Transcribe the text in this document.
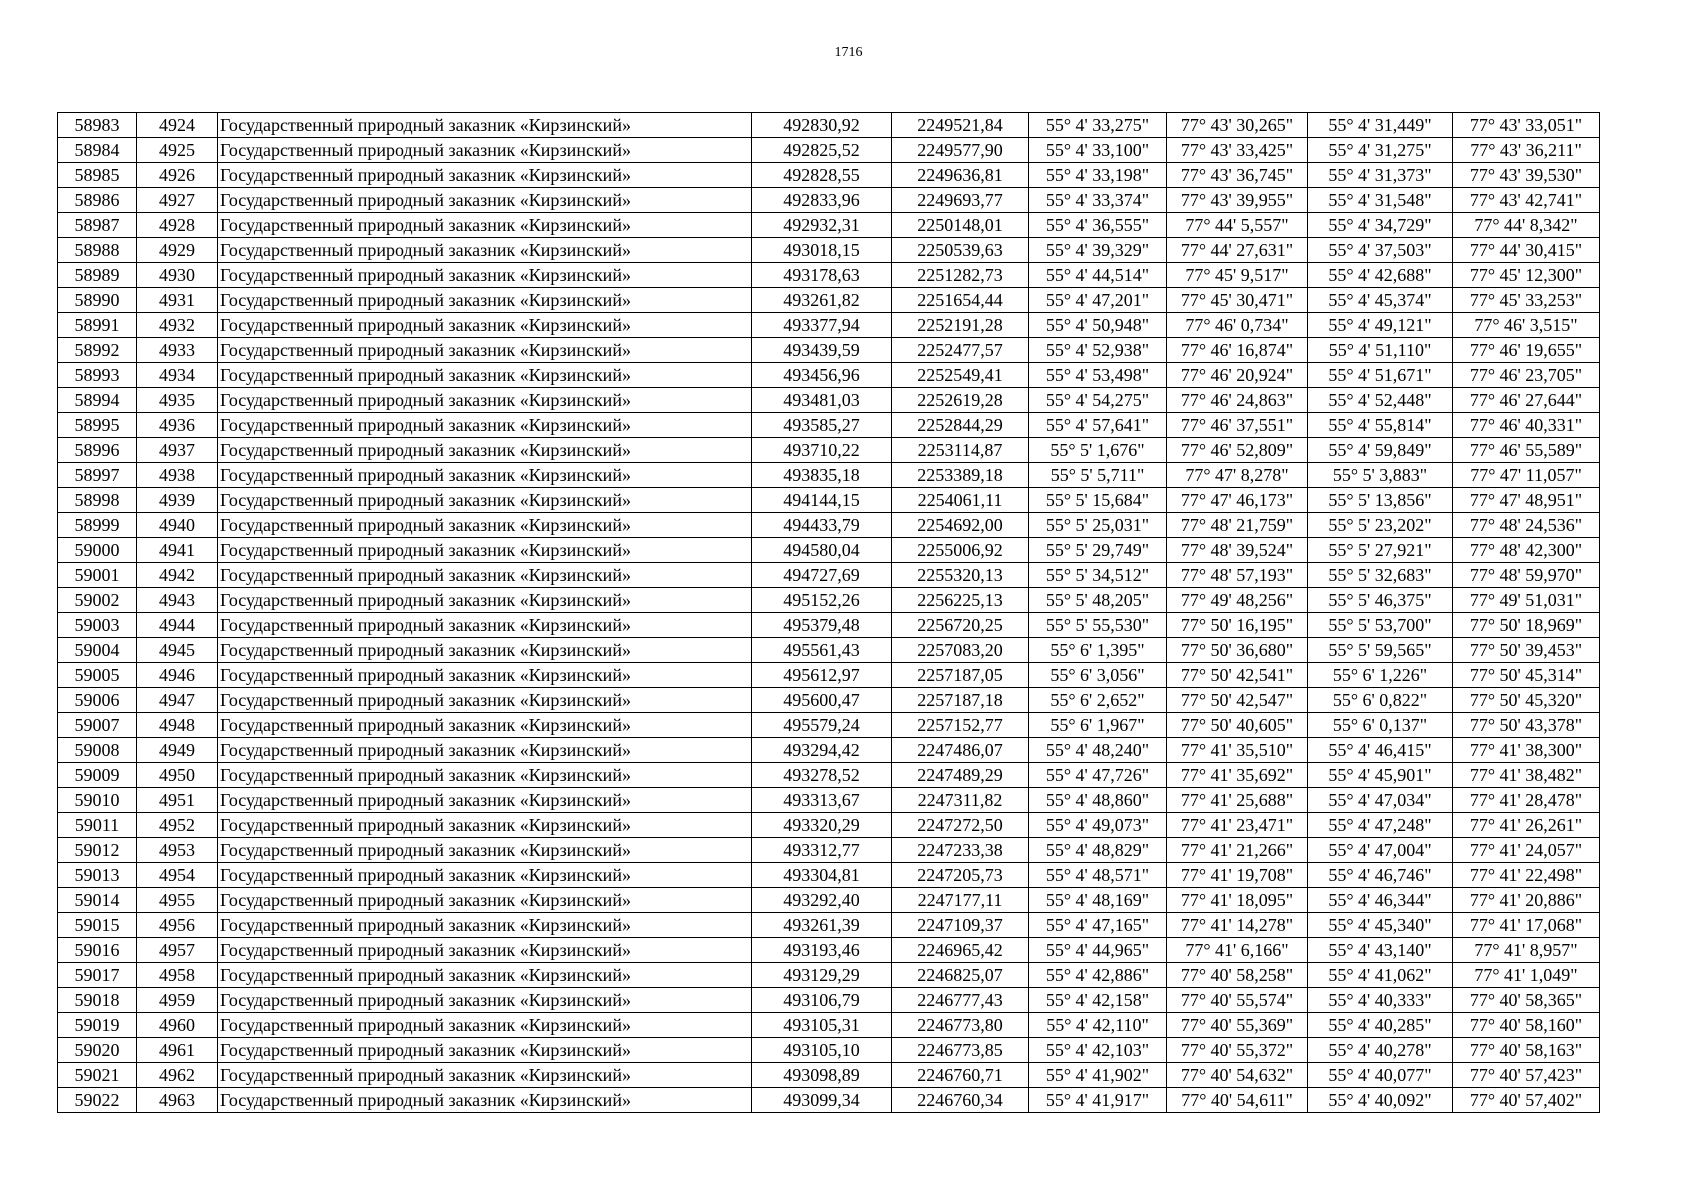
1716
58983	4924	Государственный природный заказник «Кирзинский»	492830,92	2249521,84	55° 4' 33,275"	77° 43' 30,265"	55° 4' 31,449"	77° 43' 33,051"
58984	4925	Государственный природный заказник «Кирзинский»	492825,52	2249577,90	55° 4' 33,100"	77° 43' 33,425"	55° 4' 31,275"	77° 43' 36,211"
58985	4926	Государственный природный заказник «Кирзинский»	492828,55	2249636,81	55° 4' 33,198"	77° 43' 36,745"	55° 4' 31,373"	77° 43' 39,530"
58986	4927	Государственный природный заказник «Кирзинский»	492833,96	2249693,77	55° 4' 33,374"	77° 43' 39,955"	55° 4' 31,548"	77° 43' 42,741"
58987	4928	Государственный природный заказник «Кирзинский»	492932,31	2250148,01	55° 4' 36,555"	77° 44' 5,557"	55° 4' 34,729"	77° 44' 8,342"
58988	4929	Государственный природный заказник «Кирзинский»	493018,15	2250539,63	55° 4' 39,329"	77° 44' 27,631"	55° 4' 37,503"	77° 44' 30,415"
58989	4930	Государственный природный заказник «Кирзинский»	493178,63	2251282,73	55° 4' 44,514"	77° 45' 9,517"	55° 4' 42,688"	77° 45' 12,300"
58990	4931	Государственный природный заказник «Кирзинский»	493261,82	2251654,44	55° 4' 47,201"	77° 45' 30,471"	55° 4' 45,374"	77° 45' 33,253"
58991	4932	Государственный природный заказник «Кирзинский»	493377,94	2252191,28	55° 4' 50,948"	77° 46' 0,734"	55° 4' 49,121"	77° 46' 3,515"
58992	4933	Государственный природный заказник «Кирзинский»	493439,59	2252477,57	55° 4' 52,938"	77° 46' 16,874"	55° 4' 51,110"	77° 46' 19,655"
58993	4934	Государственный природный заказник «Кирзинский»	493456,96	2252549,41	55° 4' 53,498"	77° 46' 20,924"	55° 4' 51,671"	77° 46' 23,705"
58994	4935	Государственный природный заказник «Кирзинский»	493481,03	2252619,28	55° 4' 54,275"	77° 46' 24,863"	55° 4' 52,448"	77° 46' 27,644"
58995	4936	Государственный природный заказник «Кирзинский»	493585,27	2252844,29	55° 4' 57,641"	77° 46' 37,551"	55° 4' 55,814"	77° 46' 40,331"
58996	4937	Государственный природный заказник «Кирзинский»	493710,22	2253114,87	55° 5' 1,676"	77° 46' 52,809"	55° 4' 59,849"	77° 46' 55,589"
58997	4938	Государственный природный заказник «Кирзинский»	493835,18	2253389,18	55° 5' 5,711"	77° 47' 8,278"	55° 5' 3,883"	77° 47' 11,057"
58998	4939	Государственный природный заказник «Кирзинский»	494144,15	2254061,11	55° 5' 15,684"	77° 47' 46,173"	55° 5' 13,856"	77° 47' 48,951"
58999	4940	Государственный природный заказник «Кирзинский»	494433,79	2254692,00	55° 5' 25,031"	77° 48' 21,759"	55° 5' 23,202"	77° 48' 24,536"
59000	4941	Государственный природный заказник «Кирзинский»	494580,04	2255006,92	55° 5' 29,749"	77° 48' 39,524"	55° 5' 27,921"	77° 48' 42,300"
59001	4942	Государственный природный заказник «Кирзинский»	494727,69	2255320,13	55° 5' 34,512"	77° 48' 57,193"	55° 5' 32,683"	77° 48' 59,970"
59002	4943	Государственный природный заказник «Кирзинский»	495152,26	2256225,13	55° 5' 48,205"	77° 49' 48,256"	55° 5' 46,375"	77° 49' 51,031"
59003	4944	Государственный природный заказник «Кирзинский»	495379,48	2256720,25	55° 5' 55,530"	77° 50' 16,195"	55° 5' 53,700"	77° 50' 18,969"
59004	4945	Государственный природный заказник «Кирзинский»	495561,43	2257083,20	55° 6' 1,395"	77° 50' 36,680"	55° 5' 59,565"	77° 50' 39,453"
59005	4946	Государственный природный заказник «Кирзинский»	495612,97	2257187,05	55° 6' 3,056"	77° 50' 42,541"	55° 6' 1,226"	77° 50' 45,314"
59006	4947	Государственный природный заказник «Кирзинский»	495600,47	2257187,18	55° 6' 2,652"	77° 50' 42,547"	55° 6' 0,822"	77° 50' 45,320"
59007	4948	Государственный природный заказник «Кирзинский»	495579,24	2257152,77	55° 6' 1,967"	77° 50' 40,605"	55° 6' 0,137"	77° 50' 43,378"
59008	4949	Государственный природный заказник «Кирзинский»	493294,42	2247486,07	55° 4' 48,240"	77° 41' 35,510"	55° 4' 46,415"	77° 41' 38,300"
59009	4950	Государственный природный заказник «Кирзинский»	493278,52	2247489,29	55° 4' 47,726"	77° 41' 35,692"	55° 4' 45,901"	77° 41' 38,482"
59010	4951	Государственный природный заказник «Кирзинский»	493313,67	2247311,82	55° 4' 48,860"	77° 41' 25,688"	55° 4' 47,034"	77° 41' 28,478"
59011	4952	Государственный природный заказник «Кирзинский»	493320,29	2247272,50	55° 4' 49,073"	77° 41' 23,471"	55° 4' 47,248"	77° 41' 26,261"
59012	4953	Государственный природный заказник «Кирзинский»	493312,77	2247233,38	55° 4' 48,829"	77° 41' 21,266"	55° 4' 47,004"	77° 41' 24,057"
59013	4954	Государственный природный заказник «Кирзинский»	493304,81	2247205,73	55° 4' 48,571"	77° 41' 19,708"	55° 4' 46,746"	77° 41' 22,498"
59014	4955	Государственный природный заказник «Кирзинский»	493292,40	2247177,11	55° 4' 48,169"	77° 41' 18,095"	55° 4' 46,344"	77° 41' 20,886"
59015	4956	Государственный природный заказник «Кирзинский»	493261,39	2247109,37	55° 4' 47,165"	77° 41' 14,278"	55° 4' 45,340"	77° 41' 17,068"
59016	4957	Государственный природный заказник «Кирзинский»	493193,46	2246965,42	55° 4' 44,965"	77° 41' 6,166"	55° 4' 43,140"	77° 41' 8,957"
59017	4958	Государственный природный заказник «Кирзинский»	493129,29	2246825,07	55° 4' 42,886"	77° 40' 58,258"	55° 4' 41,062"	77° 41' 1,049"
59018	4959	Государственный природный заказник «Кирзинский»	493106,79	2246777,43	55° 4' 42,158"	77° 40' 55,574"	55° 4' 40,333"	77° 40' 58,365"
59019	4960	Государственный природный заказник «Кирзинский»	493105,31	2246773,80	55° 4' 42,110"	77° 40' 55,369"	55° 4' 40,285"	77° 40' 58,160"
59020	4961	Государственный природный заказник «Кирзинский»	493105,10	2246773,85	55° 4' 42,103"	77° 40' 55,372"	55° 4' 40,278"	77° 40' 58,163"
59021	4962	Государственный природный заказник «Кирзинский»	493098,89	2246760,71	55° 4' 41,902"	77° 40' 54,632"	55° 4' 40,077"	77° 40' 57,423"
59022	4963	Государственный природный заказник «Кирзинский»	493099,34	2246760,34	55° 4' 41,917"	77° 40' 54,611"	55° 4' 40,092"	77° 40' 57,402"
